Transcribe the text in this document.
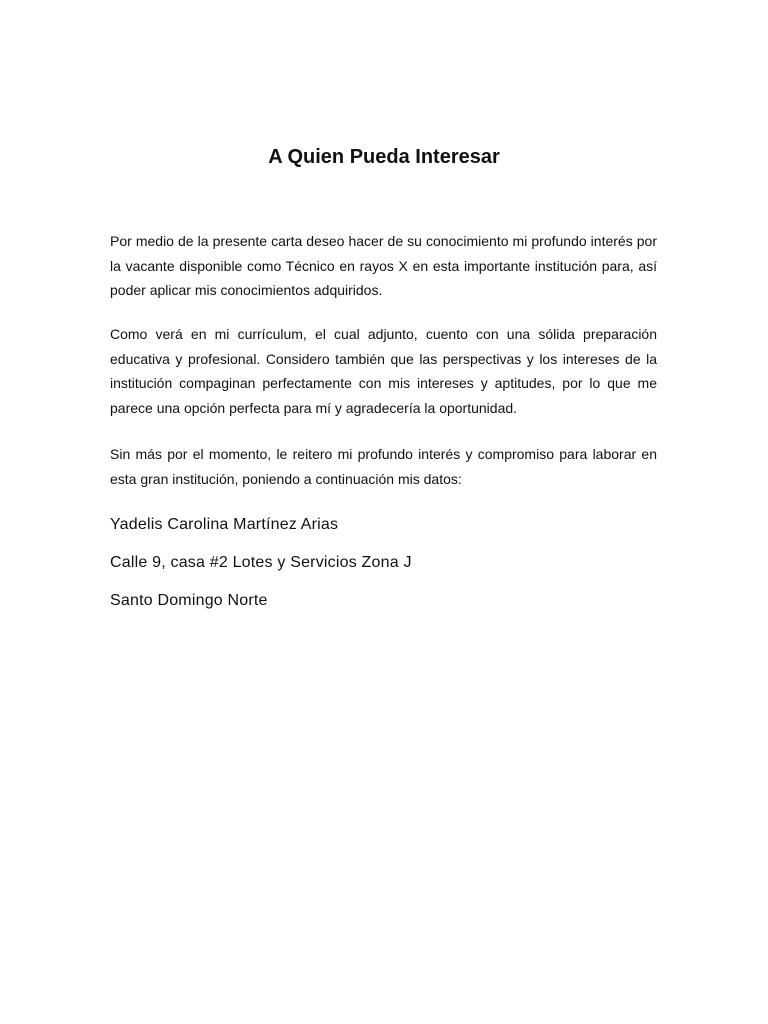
A Quien Pueda Interesar

Por medio de la presente carta deseo hacer de su conocimiento mi profundo interés por la vacante disponible como Técnico en rayos X en esta importante institución para, así poder aplicar mis conocimientos adquiridos.

Como verá en mi currículum, el cual adjunto, cuento con una sólida preparación educativa y profesional. Considero también que las perspectivas y los intereses de la institución compaginan perfectamente con mis intereses y aptitudes, por lo que me parece una opción perfecta para mí y agradecería la oportunidad.

Sin más por el momento, le reitero mi profundo interés y compromiso para laborar en esta gran institución, poniendo a continuación mis datos:

Yadelis Carolina Martínez Arias

Calle 9, casa #2 Lotes y Servicios Zona J

Santo Domingo Norte
